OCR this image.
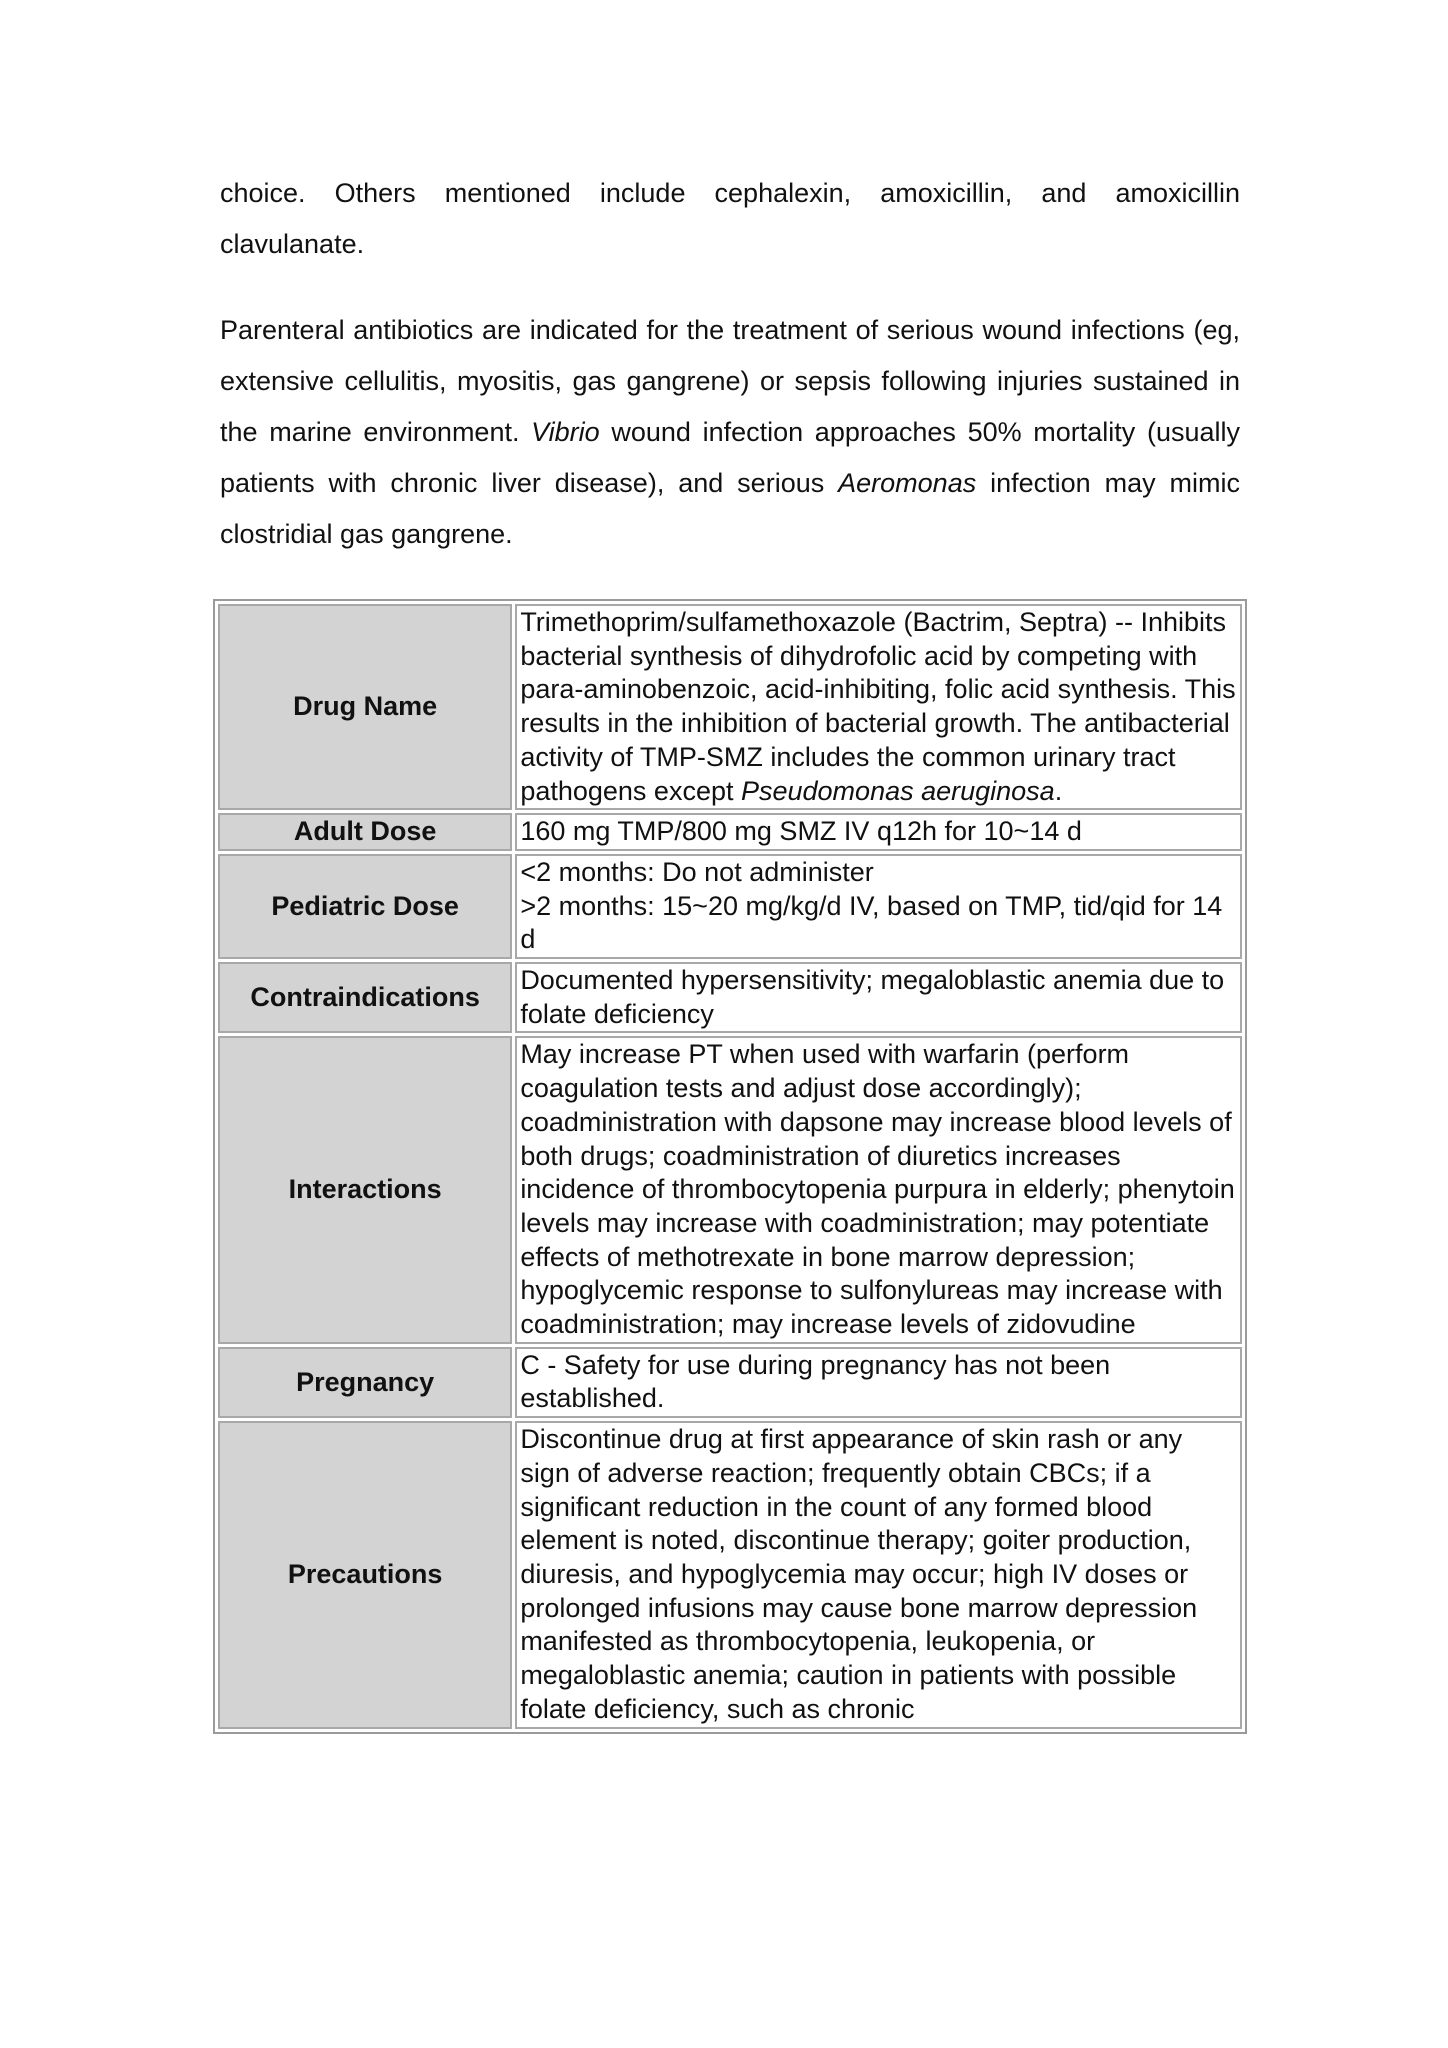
choice. Others mentioned include cephalexin, amoxicillin, and amoxicillin clavulanate.

Parenteral antibiotics are indicated for the treatment of serious wound infections (eg, extensive cellulitis, myositis, gas gangrene) or sepsis following injuries sustained in the marine environment. Vibrio wound infection approaches 50% mortality (usually patients with chronic liver disease), and serious Aeromonas infection may mimic clostridial gas gangrene.

Drug Name	Trimethoprim/sulfamethoxazole (Bactrim, Septra) -- Inhibits bacterial synthesis of dihydrofolic acid by competing with para-aminobenzoic, acid-inhibiting, folic acid synthesis. This results in the inhibition of bacterial growth. The antibacterial activity of TMP-SMZ includes the common urinary tract pathogens except Pseudomonas aeruginosa.
Adult Dose	160 mg TMP/800 mg SMZ IV q12h for 10~14 d
Pediatric Dose	<2 months: Do not administer
>2 months: 15~20 mg/kg/d IV, based on TMP, tid/qid for 14 d

Contraindications	Documented hypersensitivity; megaloblastic anemia due to folate deficiency
Interactions	May increase PT when used with warfarin (perform coagulation tests and adjust dose accordingly); coadministration with dapsone may increase blood levels of both drugs; coadministration of diuretics increases incidence of thrombocytopenia purpura in elderly; phenytoin levels may increase with coadministration; may potentiate effects of methotrexate in bone marrow depression; hypoglycemic response to sulfonylureas may increase with coadministration; may increase levels of zidovudine
Pregnancy	C - Safety for use during pregnancy has not been established.
Precautions	Discontinue drug at first appearance of skin rash or any sign of adverse reaction; frequently obtain CBCs; if a significant reduction in the count of any formed blood element is noted, discontinue therapy; goiter production, diuresis, and hypoglycemia may occur; high IV doses or prolonged infusions may cause bone marrow depression manifested as thrombocytopenia, leukopenia, or megaloblastic anemia; caution in patients with possible folate deficiency, such as chronic
